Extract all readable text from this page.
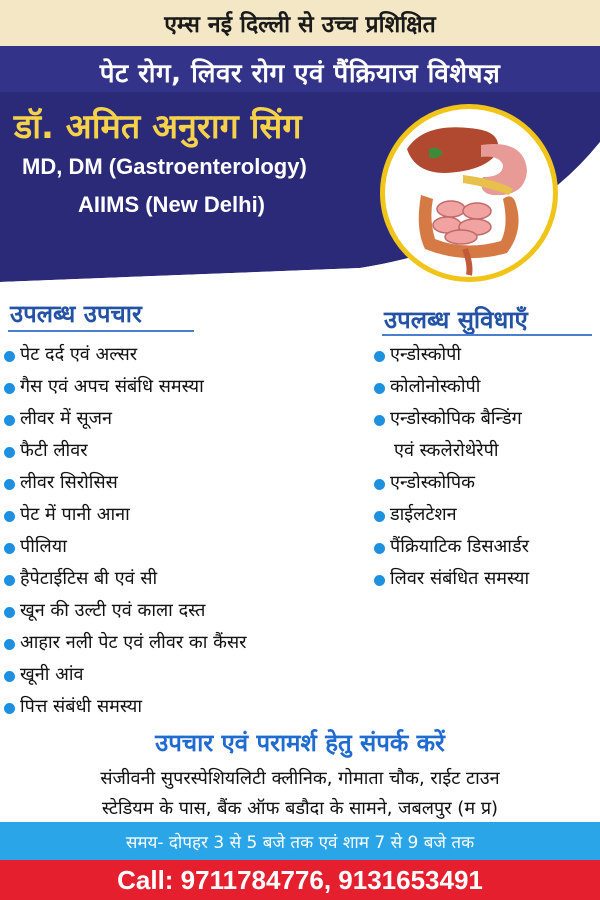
एम्स नई दिल्ली से उच्च प्रशिक्षित
पेट रोग, लिवर रोग एवं पैंक्रियाज विशेषज्ञ
डॉ. अमित अनुराग सिंग
MD, DM (Gastroenterology)
AIIMS (New Delhi)
उपलब्ध उपचार	उपलब्ध सुविधाएँ
पेट दर्द एवं अल्सर
गैस एवं अपच संबंधि समस्या
लीवर में सूजन
फैटी लीवर
लीवर सिरोसिस
पेट में पानी आना
पीलिया
हैपेटाईटिस बी एवं सी
खून की उल्टी एवं काला दस्त
आहार नली पेट एवं लीवर का कैंसर
खूनी आंव
पित्त संबंधी समस्या
एन्डोस्कोपी
कोलोनोस्कोपी
एन्डोस्कोपिक बैन्डिंग
एवं स्कलेरोथेरेपी
एन्डोस्कोपिक
डाईलटेशन
पैंक्रियाटिक डिसआर्डर
लिवर संबंधित समस्या
उपचार एवं परामर्श हेतु संपर्क करें
संजीवनी सुपरस्पेशियलिटी क्लीनिक, गोमाता चौक, राईट टाउन
स्टेडियम के पास, बैंक ऑफ बडौदा के सामने, जबलपुर (म प्र)
समय- दोपहर 3 से 5 बजे तक एवं शाम 7 से 9 बजे तक
Call: 9711784776, 9131653491
